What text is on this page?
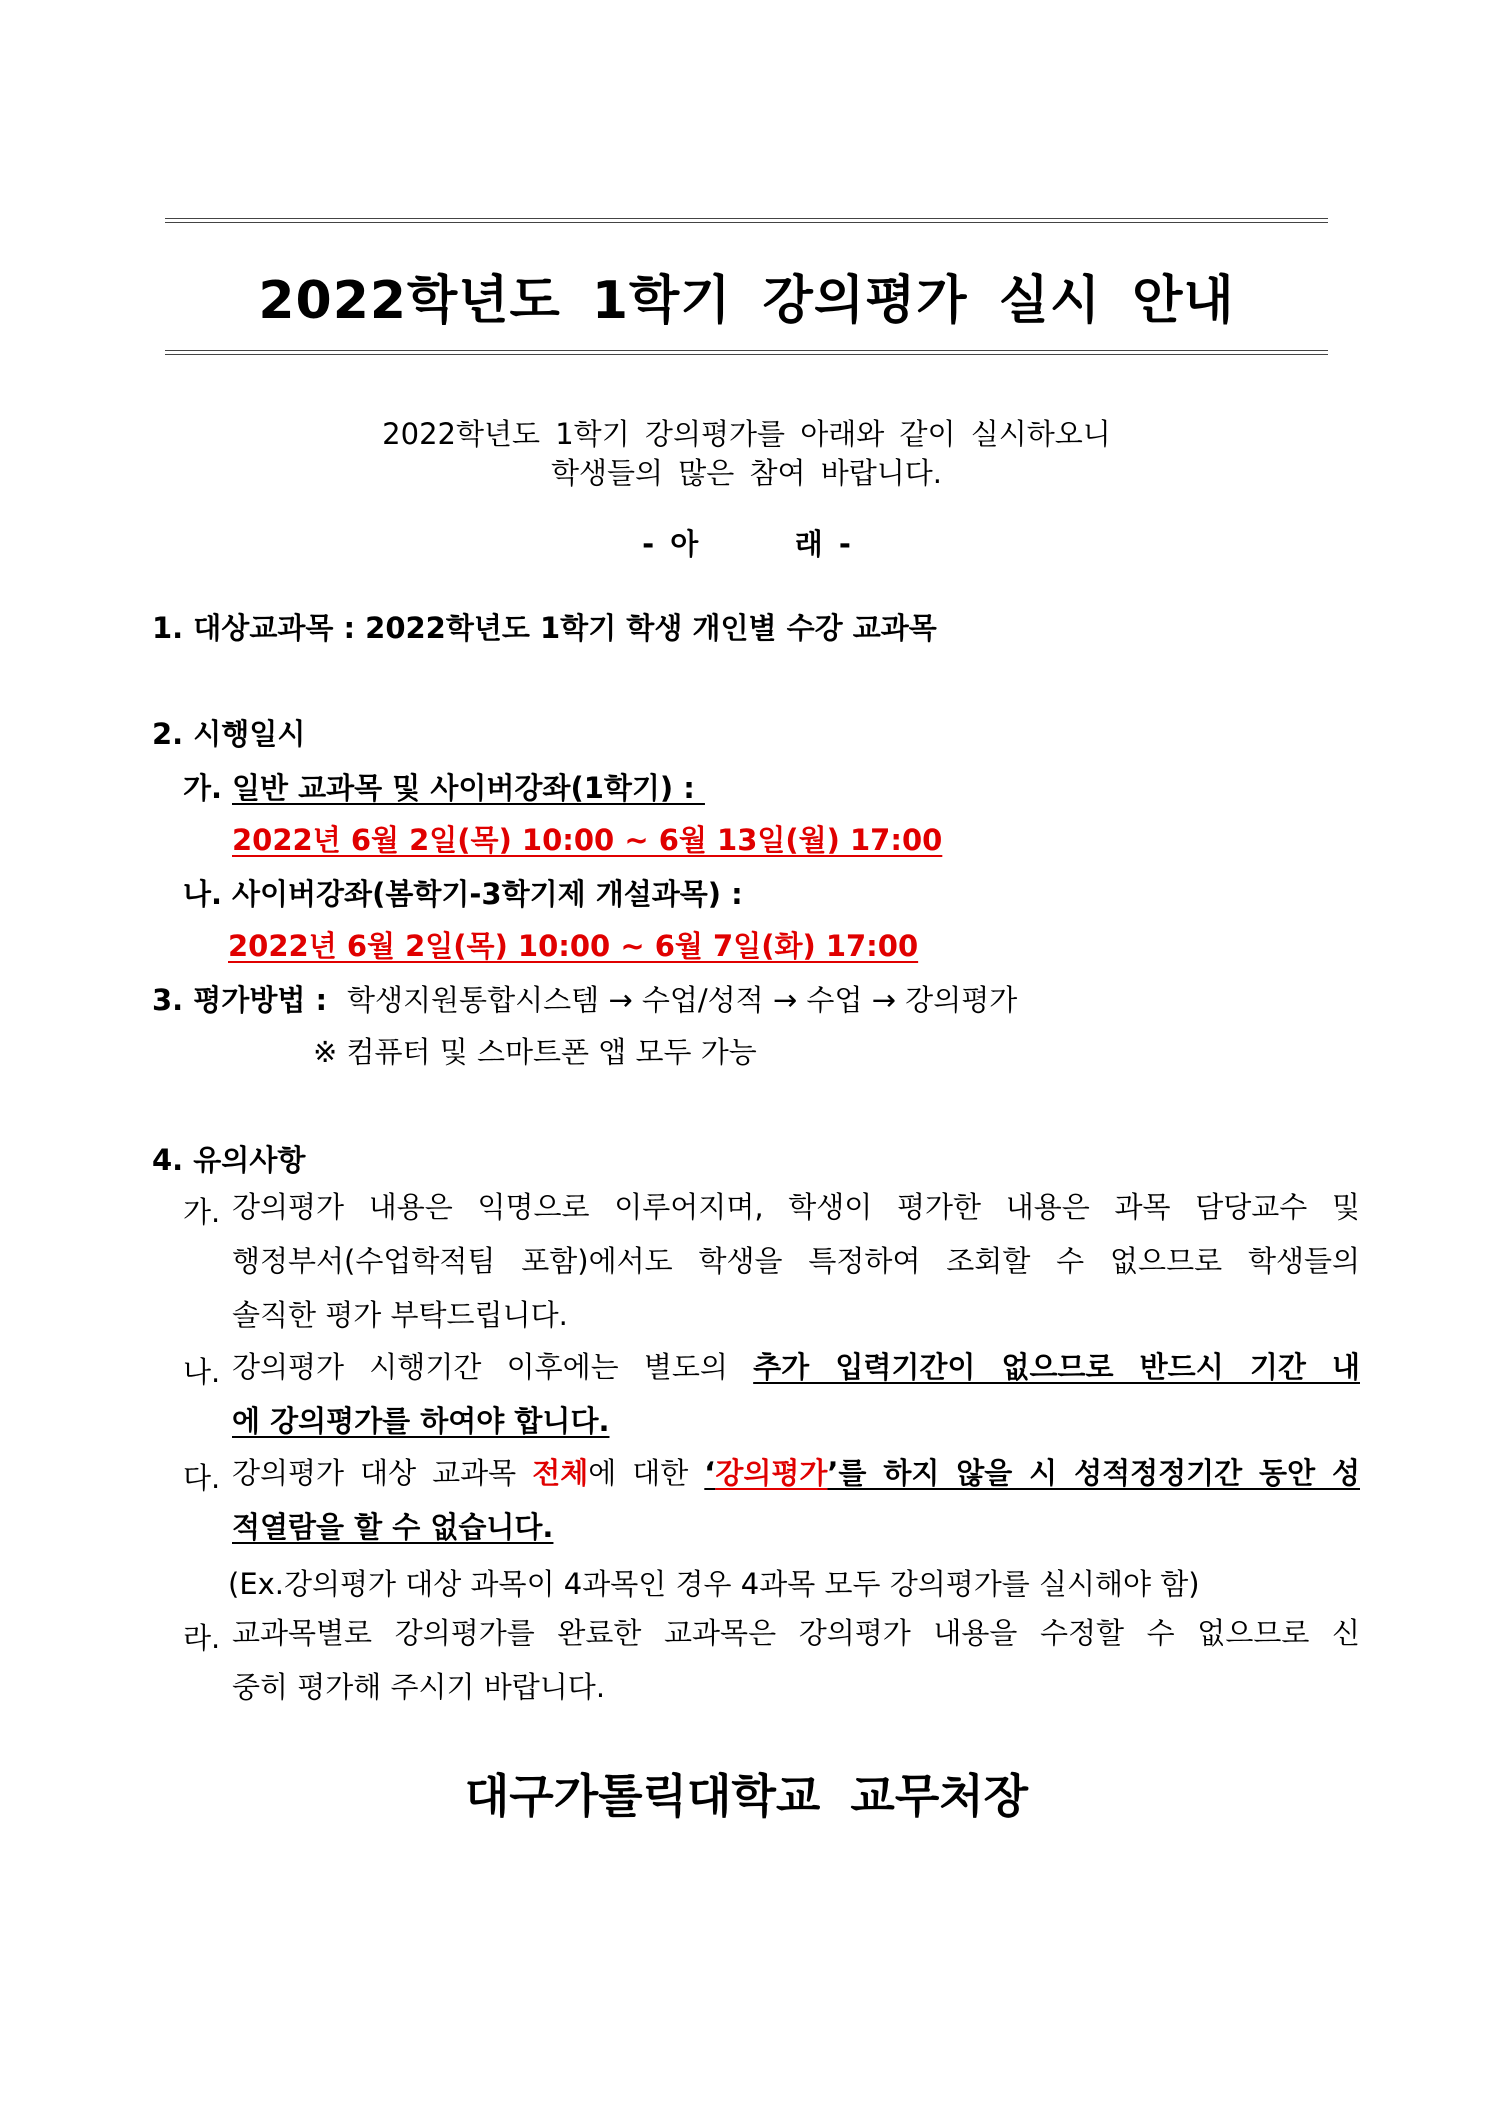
2022학년도 1학기 강의평가 실시 안내
2022학년도 1학기 강의평가를 아래와 같이 실시하오니
학생들의 많은 참여 바랍니다.
- 아      래 -
1. 대상교과목 : 2022학년도 1학기 학생 개인별 수강 교과목
2. 시행일시
가. 일반 교과목 및 사이버강좌(1학기) :
2022년 6월 2일(목) 10:00 ~ 6월 13일(월) 17:00
나. 사이버강좌(봄학기-3학기제 개설과목) :
2022년 6월 2일(목) 10:00 ~ 6월 7일(화) 17:00
3. 평가방법 : 학생지원통합시스템 → 수업/성적 → 수업 → 강의평가
※ 컴퓨터 및 스마트폰 앱 모두 가능
4. 유의사항
가. 강의평가 내용은 익명으로 이루어지며, 학생이 평가한 내용은 과목 담당교수 및
행정부서(수업학적팀 포함)에서도 학생을 특정하여 조회할 수 없으므로 학생들의
솔직한 평가 부탁드립니다.
나. 강의평가 시행기간 이후에는 별도의 추가 입력기간이 없으므로 반드시 기간 내
에 강의평가를 하여야 합니다.
다. 강의평가 대상 교과목 전체에 대한 ‘강의평가’를 하지 않을 시 성적정정기간 동안 성
적열람을 할 수 없습니다.
(Ex.강의평가 대상 과목이 4과목인 경우 4과목 모두 강의평가를 실시해야 함)
라. 교과목별로 강의평가를 완료한 교과목은 강의평가 내용을 수정할 수 없으므로 신
중히 평가해 주시기 바랍니다.
대구가톨릭대학교 교무처장
